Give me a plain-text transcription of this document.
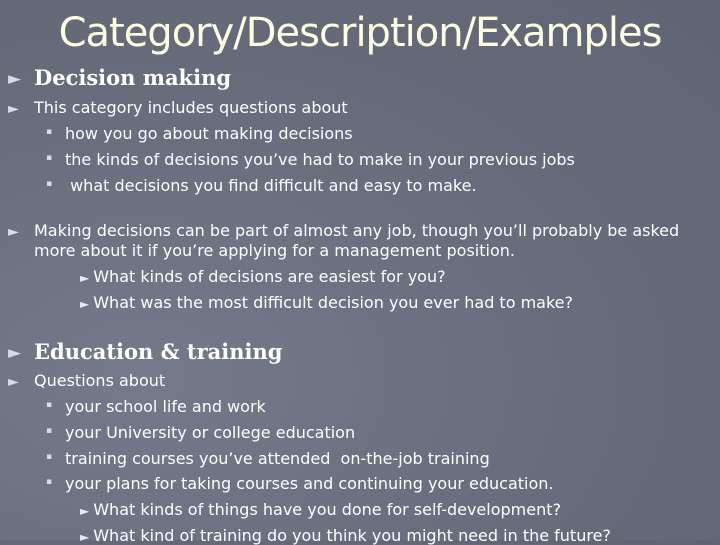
Category/Description/Examples
► Decision making
► This category includes questions about
▪ how you go about making decisions
▪ the kinds of decisions you’ve had to make in your previous jobs
▪ what decisions you find difficult and easy to make.
► Making decisions can be part of almost any job, though you’ll probably be asked
more about it if you’re applying for a management position.
► What kinds of decisions are easiest for you?
► What was the most difficult decision you ever had to make?
► Education & training
► Questions about
▪ your school life and work
▪ your University or college education
▪ training courses you’ve attended  on-the-job training
▪ your plans for taking courses and continuing your education.
► What kinds of things have you done for self-development?
► What kind of training do you think you might need in the future?
